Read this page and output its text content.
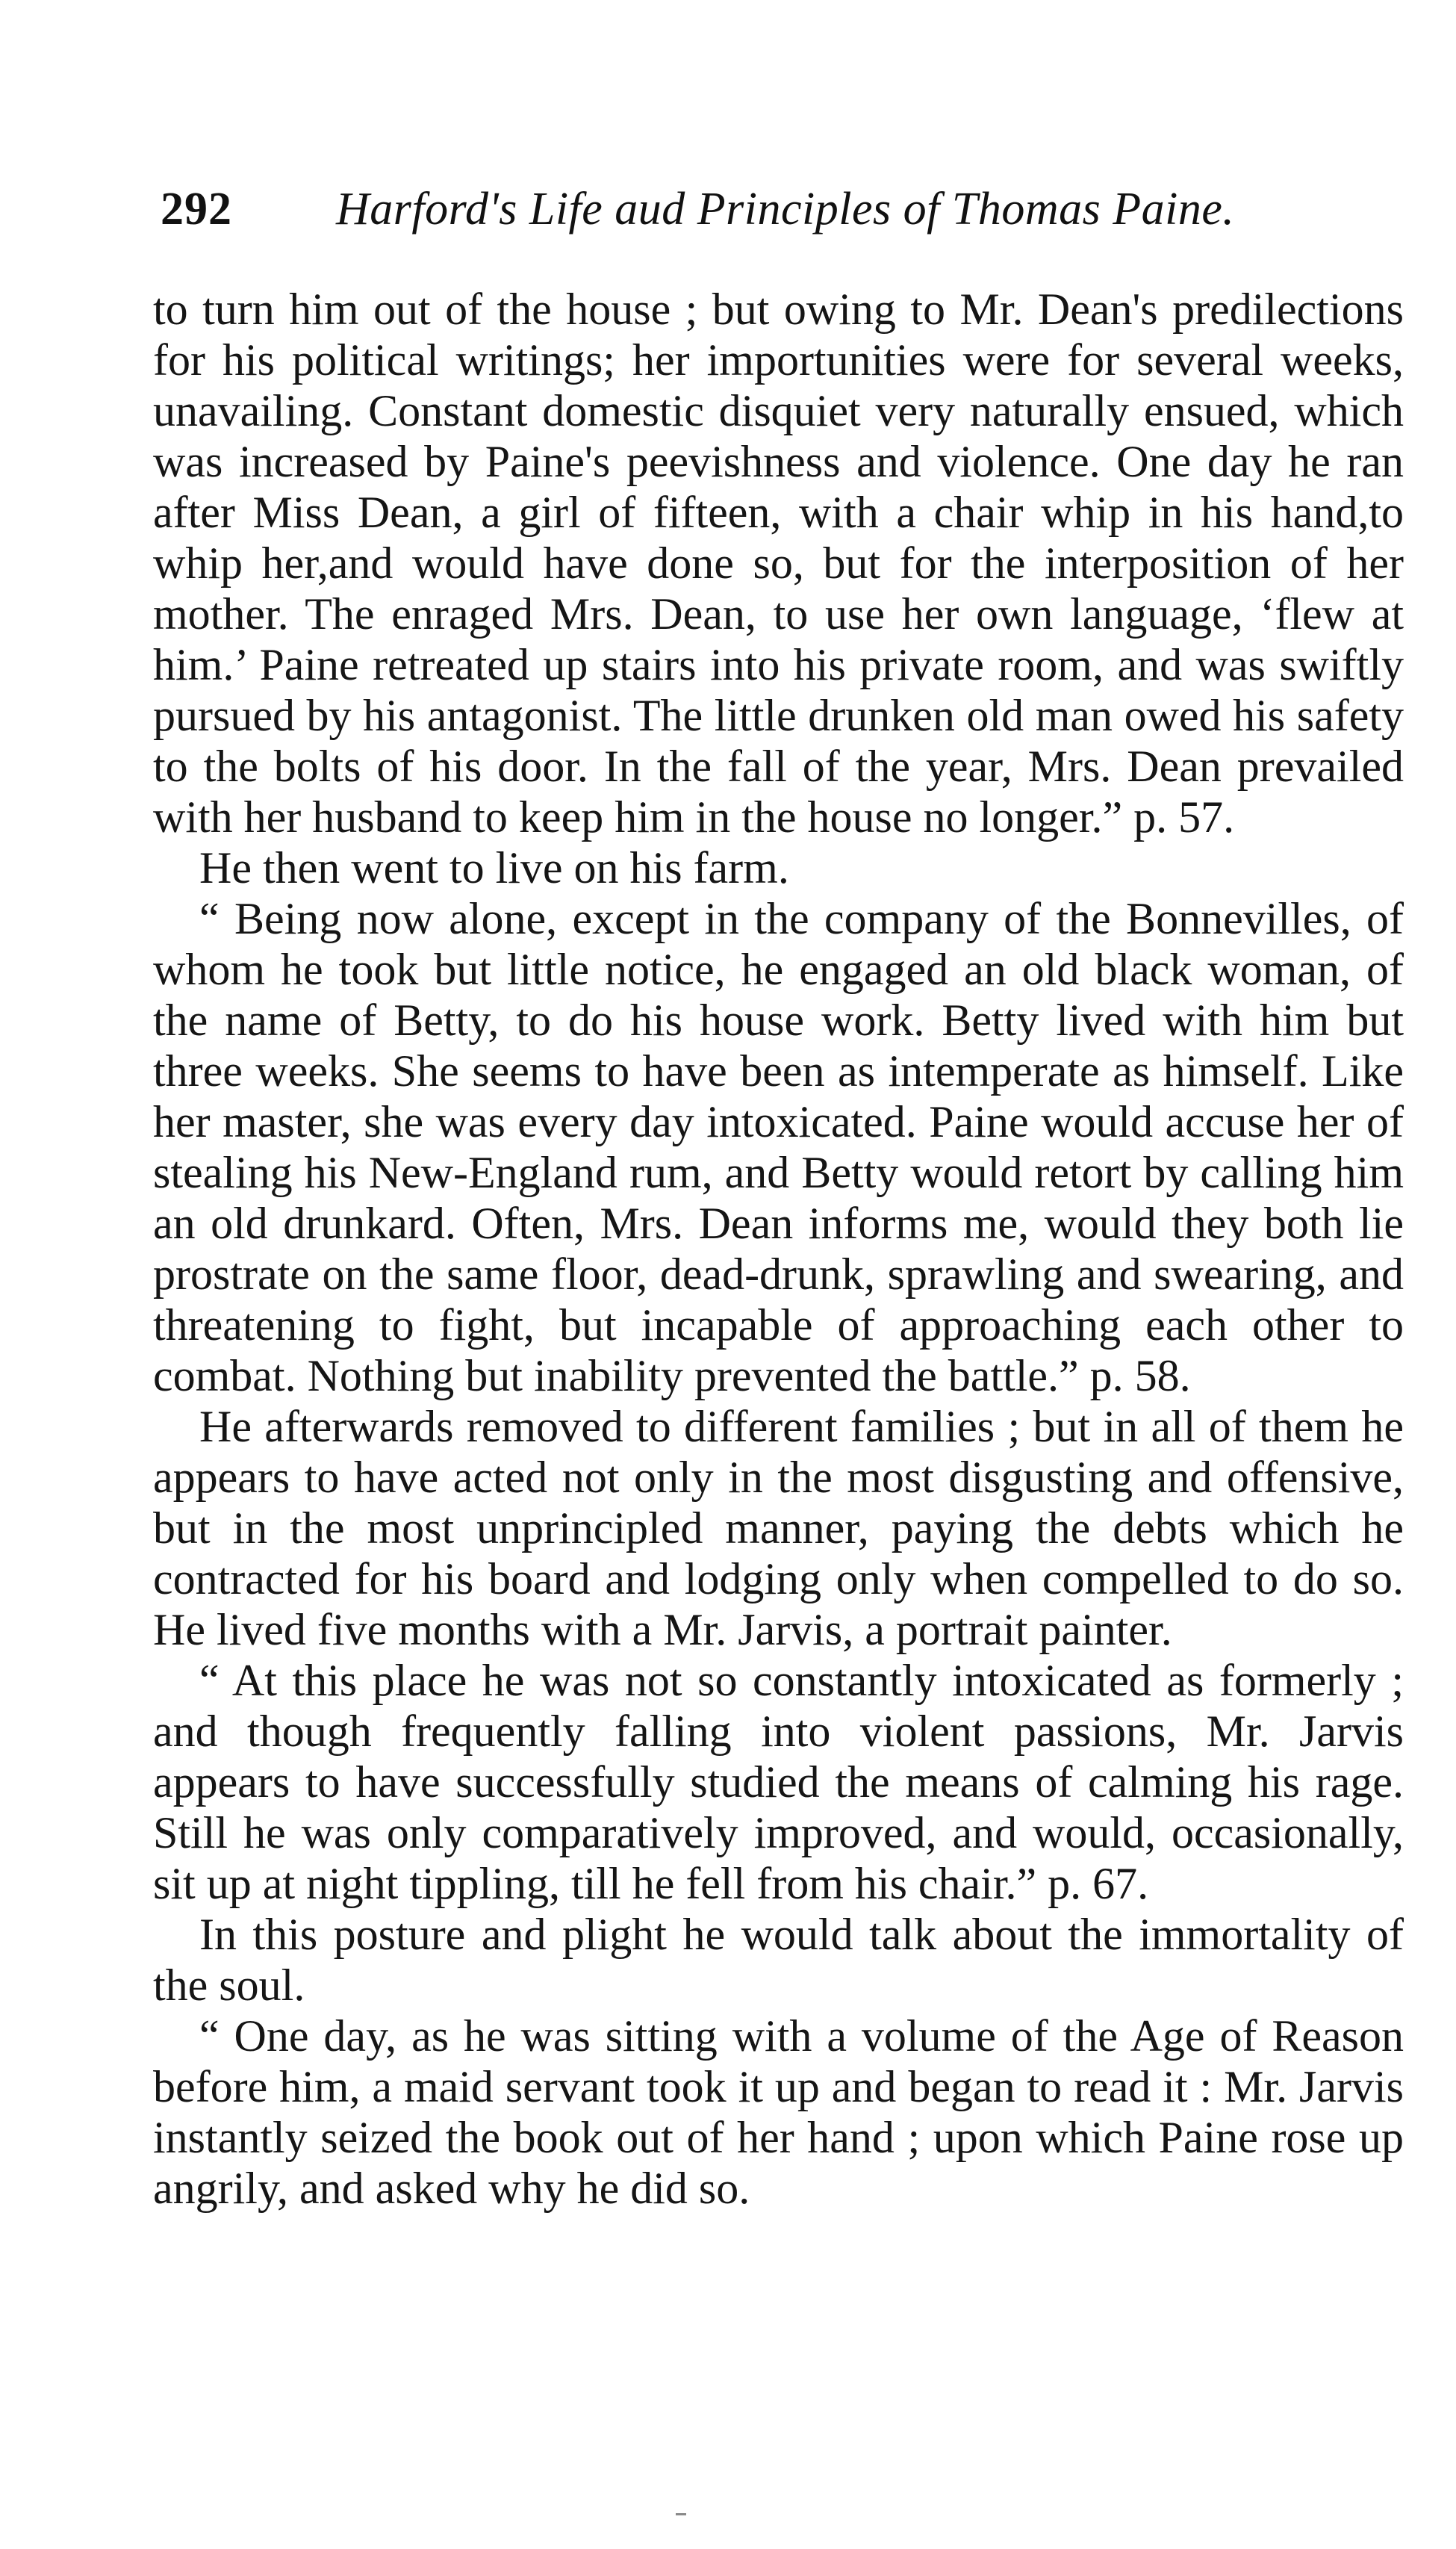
292 Harford's Life aud Principles of Thomas Paine.

to turn him out of the house ; but owing to Mr. Dean's predilections for his political writings; her importunities were for several weeks, unavailing. Constant domestic disquiet very naturally ensued, which was increased by Paine's peevishness and violence. One day he ran after Miss Dean, a girl of fifteen, with a chair whip in his hand,to whip her,and would have done so, but for the interposition of her mother. The enraged Mrs. Dean, to use her own language, ‘flew at him.’ Paine retreated up stairs into his private room, and was swiftly pursued by his antagonist. The little drunken old man owed his safety to the bolts of his door. In the fall of the year, Mrs. Dean prevailed with her husband to keep him in the house no longer.” p. 57.

He then went to live on his farm.

“ Being now alone, except in the company of the Bonnevilles, of whom he took but little notice, he engaged an old black woman, of the name of Betty, to do his house work. Betty lived with him but three weeks. She seems to have been as intemperate as himself. Like her master, she was every day intoxicated. Paine would accuse her of stealing his New-England rum, and Betty would retort by calling him an old drunkard. Often, Mrs. Dean informs me, would they both lie prostrate on the same floor, dead-drunk, sprawling and swearing, and threatening to fight, but incapable of approaching each other to combat. Nothing but inability prevented the battle.” p. 58.

He afterwards removed to different families ; but in all of them he appears to have acted not only in the most disgusting and offensive, but in the most unprincipled manner, paying the debts which he contracted for his board and lodging only when compelled to do so. He lived five months with a Mr. Jarvis, a portrait painter.

“ At this place he was not so constantly intoxicated as formerly ; and though frequently falling into violent passions, Mr. Jarvis appears to have successfully studied the means of calming his rage. Still he was only comparatively improved, and would, occasionally, sit up at night tippling, till he fell from his chair.” p. 67.

In this posture and plight he would talk about the immortality of the soul.

“ One day, as he was sitting with a volume of the Age of Reason before him, a maid servant took it up and began to read it : Mr. Jarvis instantly seized the book out of her hand ; upon which Paine rose up angrily, and asked why he did so.
